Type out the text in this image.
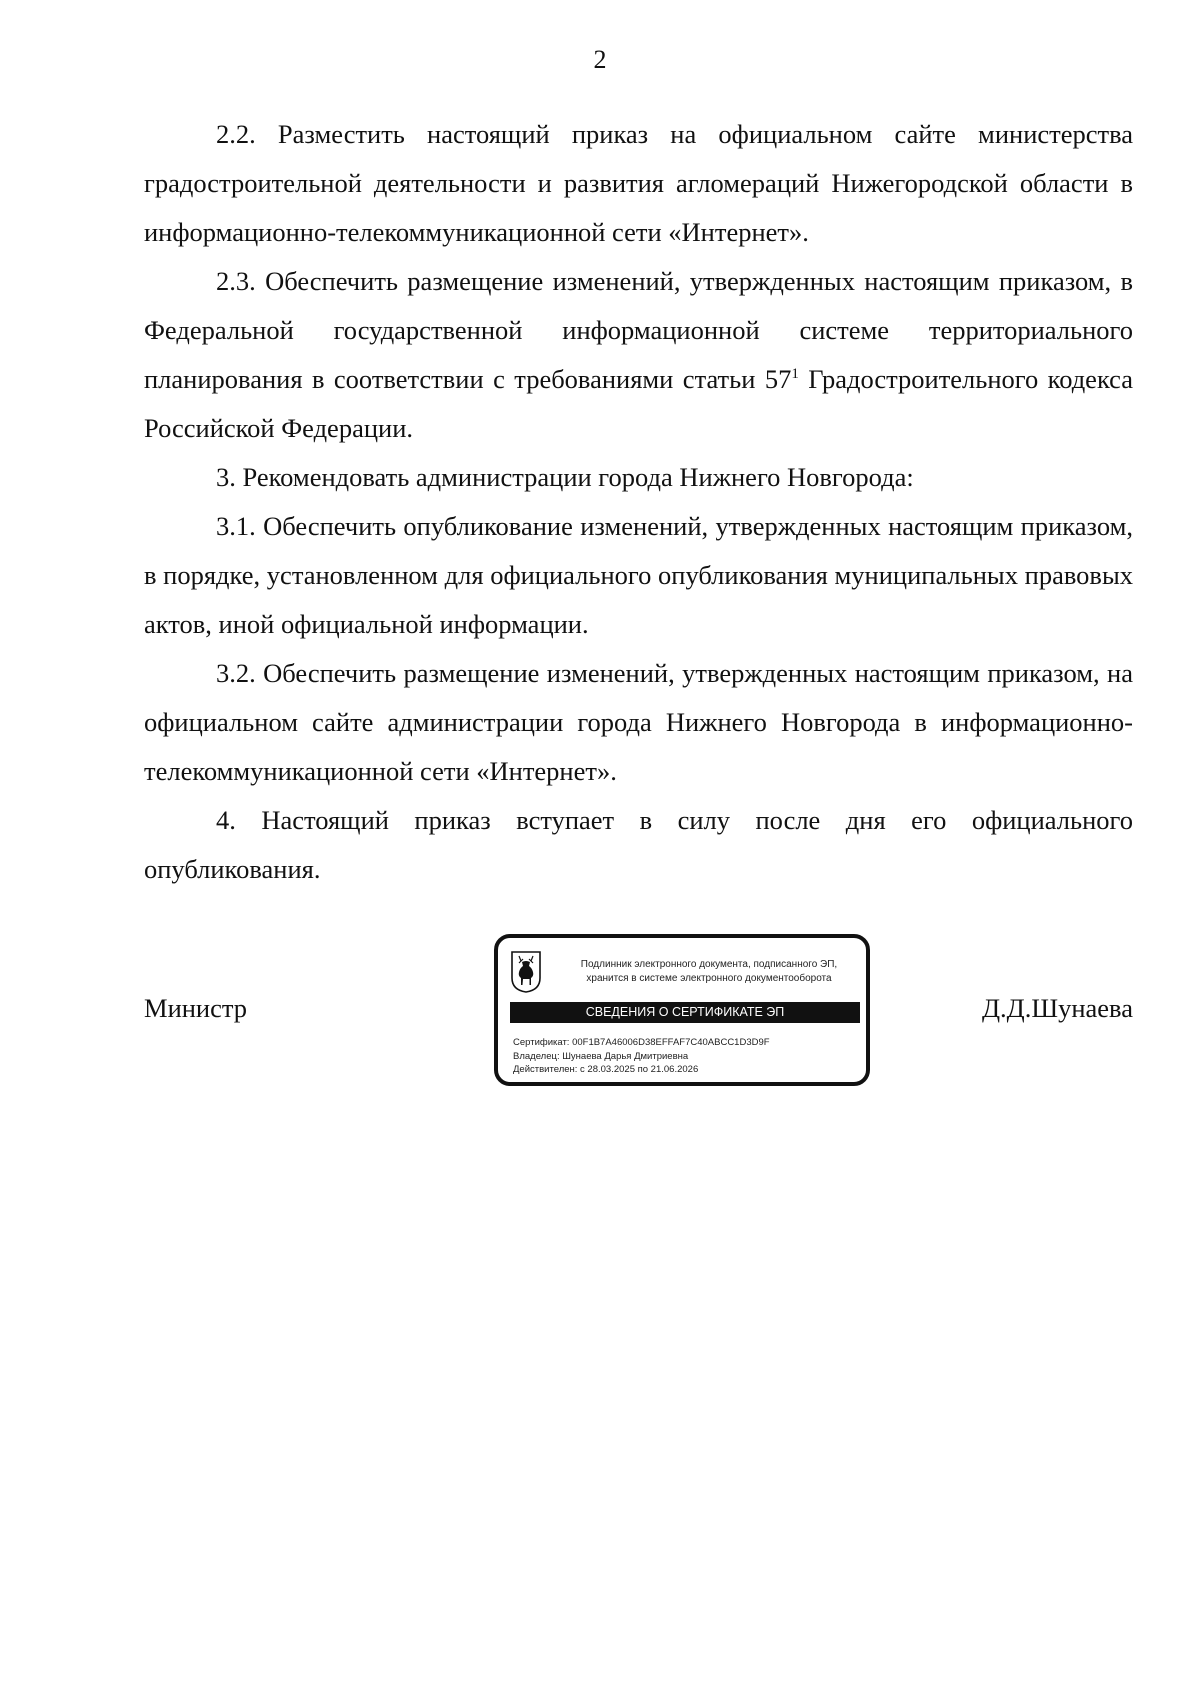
2

2.2. Разместить настоящий приказ на официальном сайте министерства градостроительной деятельности и развития агломераций Нижегородской области в информационно-телекоммуникационной сети «Интернет».

2.3. Обеспечить размещение изменений, утвержденных настоящим приказом, в Федеральной государственной информационной системе территориального планирования в соответствии с требованиями статьи $57^1$ Градостроительного кодекса Российской Федерации.

3. Рекомендовать администрации города Нижнего Новгорода:

3.1. Обеспечить опубликование изменений, утвержденных настоящим приказом, в порядке, установленном для официального опубликования муниципальных правовых актов, иной официальной информации.

3.2. Обеспечить размещение изменений, утвержденных настоящим приказом, на официальном сайте администрации города Нижнего Новгорода в информационно-телекоммуникационной сети «Интернет».

4. Настоящий приказ вступает в силу после дня его официального опубликования.

Министр
Подлинник электронного документа, подписанного ЭП,
хранится в системе электронного документооборота
СВЕДЕНИЯ О СЕРТИФИКАТЕ ЭП
Сертификат: 00F1B7A46006D38EFFAF7C40ABCC1D3D9F
Владелец: Шунаева Дарья Дмитриевна
Действителен: с 28.03.2025 по 21.06.2026
Д.Д.Шунаева
